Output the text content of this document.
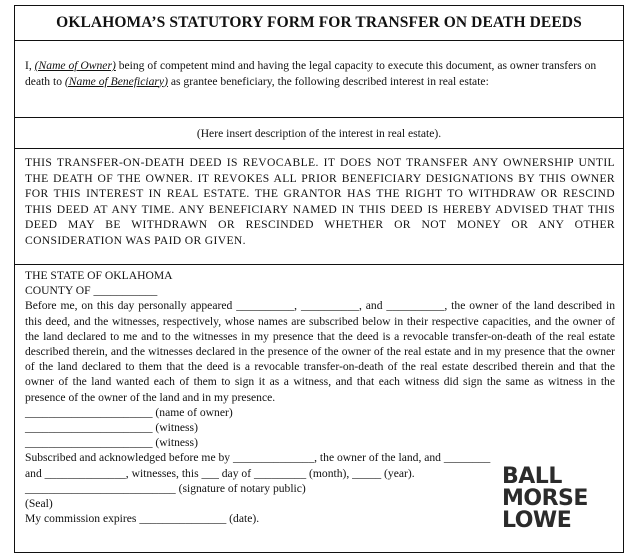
OKLAHOMA’S STATUTORY FORM FOR TRANSFER ON DEATH DEEDS
I, (Name of Owner) being of competent mind and having the legal capacity to execute this document, as owner transfers on death to (Name of Beneficiary) as grantee beneficiary, the following described interest in real estate:
(Here insert description of the interest in real estate).
THIS TRANSFER-ON-DEATH DEED IS REVOCABLE. IT DOES NOT TRANSFER ANY OWNERSHIP UNTIL THE DEATH OF THE OWNER. IT REVOKES ALL PRIOR BENEFICIARY DESIGNATIONS BY THIS OWNER FOR THIS INTEREST IN REAL ESTATE. THE GRANTOR HAS THE RIGHT TO WITHDRAW OR RESCIND THIS DEED AT ANY TIME. ANY BENEFICIARY NAMED IN THIS DEED IS HEREBY ADVISED THAT THIS DEED MAY BE WITHDRAWN OR RESCINDED WHETHER OR NOT MONEY OR ANY OTHER CONSIDERATION WAS PAID OR GIVEN.
THE STATE OF OKLAHOMA
COUNTY OF ___________
Before me, on this day personally appeared __________, __________, and __________, the owner of the land described in this deed, and the witnesses, respectively, whose names are subscribed below in their respective capacities, and the owner of the land declared to me and to the witnesses in my presence that the deed is a revocable transfer-on-death of the real estate described therein, and the witnesses declared in the presence of the owner of the real estate and in my presence that the owner of the land declared to them that the deed is a revocable transfer-on-death of the real estate described therein and that the owner of the land wanted each of them to sign it as a witness, and that each witness did sign the same as witness in the presence of the owner of the land and in my presence.
______________________ (name of owner)
______________________ (witness)
______________________ (witness)
Subscribed and acknowledged before me by ______________, the owner of the land, and ________
and ______________, witnesses, this ___ day of _________ (month), _____ (year).
__________________________ (signature of notary public)
(Seal)
My commission expires _______________ (date).
BALL
MORSE
LOWE
